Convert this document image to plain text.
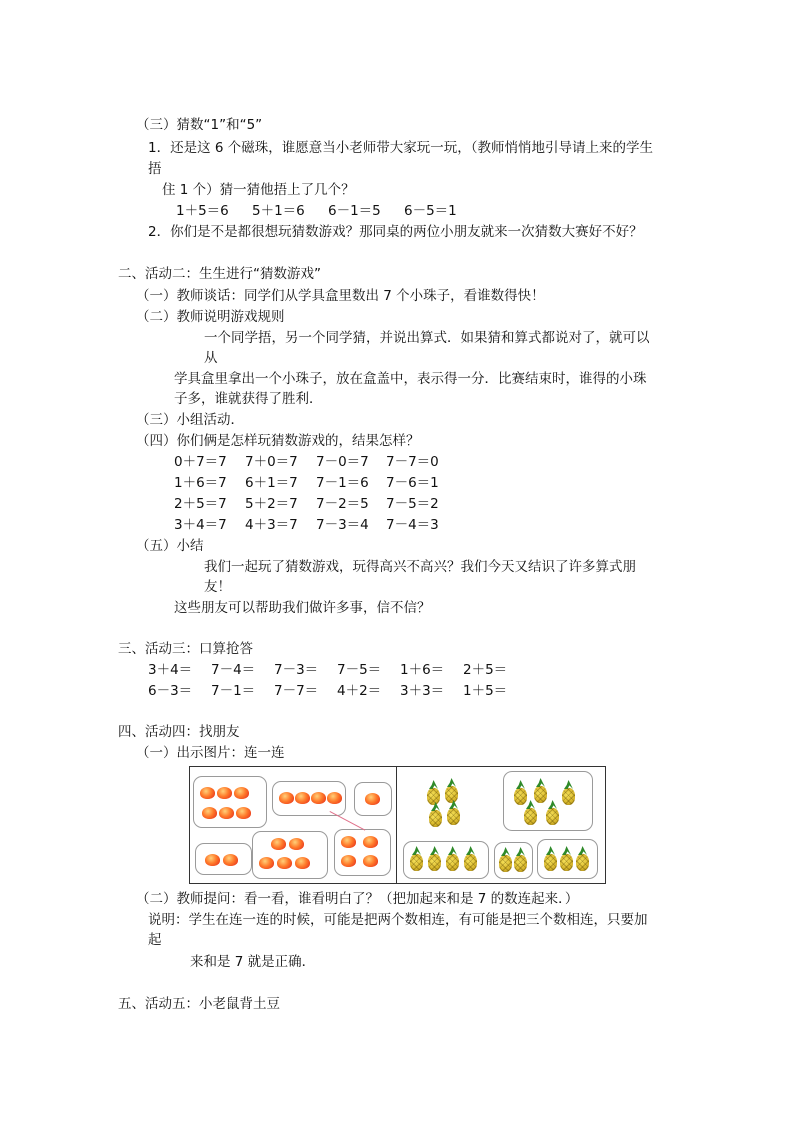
（三）猜数“1”和“5”
1．还是这 6 个磁珠，谁愿意当小老师带大家玩一玩，（教师悄悄地引导请上来的学生
捂
住 1 个）猜一猜他捂上了几个？
1＋5＝6 5＋1＝6 6－1＝5 6－5＝1
2．你们是不是都很想玩猜数游戏？那同桌的两位小朋友就来一次猜数大赛好不好？
二、活动二：生生进行“猜数游戏”
（一）教师谈话：同学们从学具盒里数出 7 个小珠子，看谁数得快！
（二）教师说明游戏规则
一个同学捂，另一个同学猜，并说出算式．如果猜和算式都说对了，就可以
从
学具盒里拿出一个小珠子，放在盒盖中，表示得一分．比赛结束时，谁得的小珠
子多，谁就获得了胜利．
（三）小组活动．
（四）你们俩是怎样玩猜数游戏的，结果怎样？
0＋7＝7 7＋0＝7 7－0＝7 7－7＝0
1＋6＝7 6＋1＝7 7－1＝6 7－6＝1
2＋5＝7 5＋2＝7 7－2＝5 7－5＝2
3＋4＝7 4＋3＝7 7－3＝4 7－4＝3
（五）小结
我们一起玩了猜数游戏，玩得高兴不高兴？我们今天又结识了许多算式朋
友！
这些朋友可以帮助我们做许多事，信不信？
三、活动三：口算抢答
3＋4＝ 7－4＝ 7－3＝ 7－5＝ 1＋6＝ 2＋5＝
6－3＝ 7－1＝ 7－7＝ 4＋2＝ 3＋3＝ 1＋5＝
四、活动四：找朋友
（一）出示图片：连一连
（二）教师提问：看一看，谁看明白了？（把加起来和是 7 的数连起来．）
说明：学生在连一连的时候，可能是把两个数相连，有可能是把三个数相连，只要加
起
来和是 7 就是正确．
五、活动五：小老鼠背土豆
